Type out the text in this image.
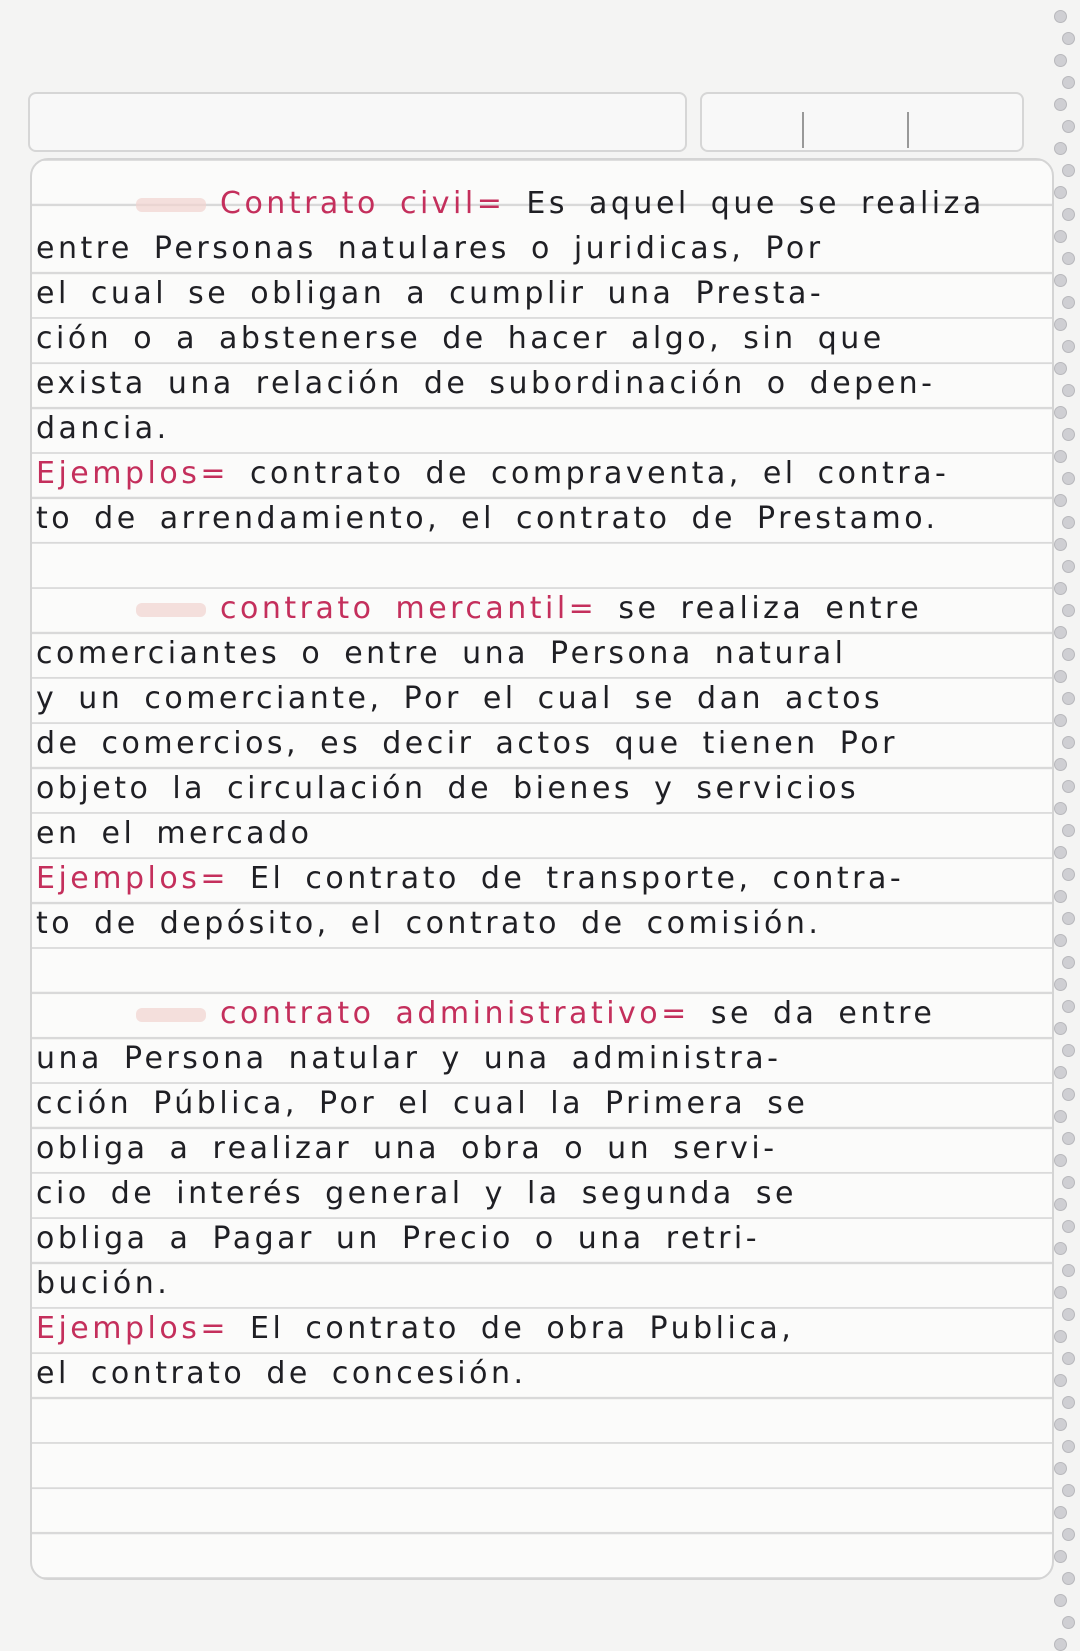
Contrato civil= Es aquel que se realiza
entre Personas natulares o juridicas, Por
el cual se obligan a cumplir una Presta-
ción o a abstenerse de hacer algo, sin que
exista una relación de subordinación o depen-
dancia.
Ejemplos= contrato de compraventa, el contra-
to de arrendamiento, el contrato de Prestamo.
contrato mercantil= se realiza entre
comerciantes o entre una Persona natural
y un comerciante, Por el cual se dan actos
de comercios, es decir actos que tienen Por
objeto la circulación de bienes y servicios
en el mercado
Ejemplos= El contrato de transporte, contra-
to de depósito, el contrato de comisión.
contrato administrativo= se da entre
una Persona natular y una administra-
cción Pública, Por el cual la Primera se
obliga a realizar una obra o un servi-
cio de interés general y la segunda se
obliga a Pagar un Precio o una retri-
bución.
Ejemplos= El contrato de obra Publica,
el contrato de concesión.
